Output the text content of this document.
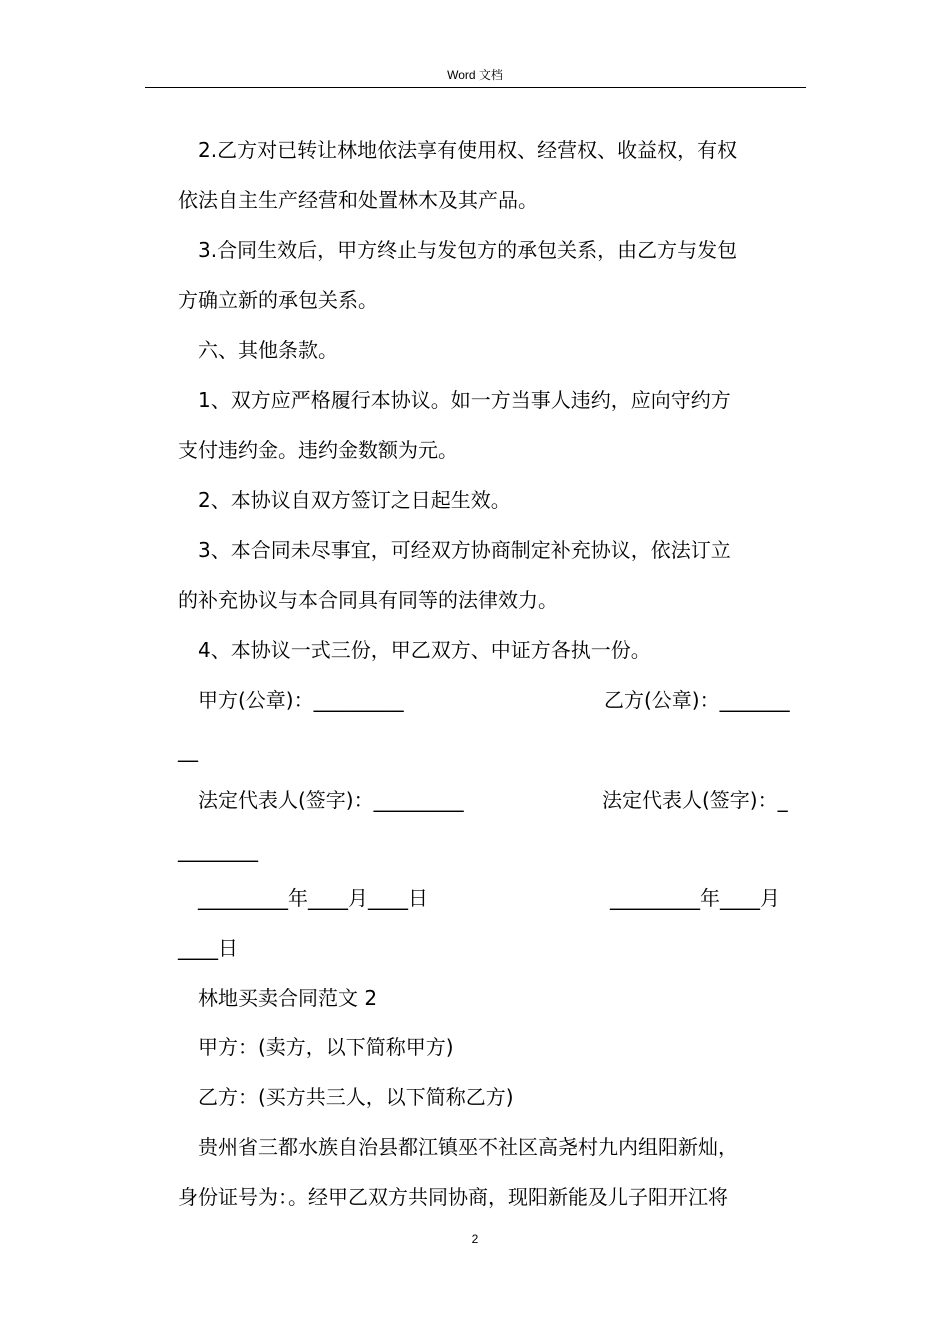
Word 文档
2.乙方对已转让林地依法享有使用权、经营权、收益权，有权
依法自主生产经营和处置林木及其产品。
3.合同生效后，甲方终止与发包方的承包关系，由乙方与发包
方确立新的承包关系。
六、其他条款。
1、双方应严格履行本协议。如一方当事人违约，应向守约方
支付违约金。违约金数额为元。
2、本协议自双方签订之日起生效。
3、本合同未尽事宜，可经双方协商制定补充协议，依法订立
的补充协议与本合同具有同等的法律效力。
4、本协议一式三份，甲乙双方、中证方各执一份。
甲方(公章)：_________	乙方(公章)：_______
__
法定代表人(签字)：_________	法定代表人(签字)：_
________
_________年____月____日	_________年____月
____日
林地买卖合同范文 2
甲方：(卖方，以下简称甲方)
乙方：(买方共三人，以下简称乙方)
贵州省三都水族自治县都江镇巫不社区高尧村九内组阳新灿，
身份证号为：。经甲乙双方共同协商，现阳新能及儿子阳开江将
2
